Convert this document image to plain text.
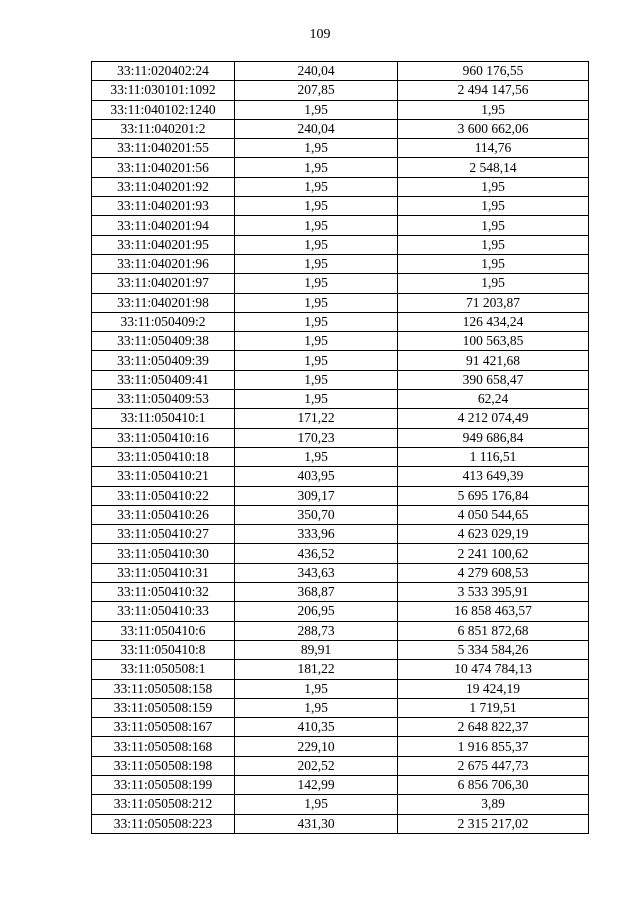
109
33:11:020402:24	240,04	960 176,55
33:11:030101:1092	207,85	2 494 147,56
33:11:040102:1240	1,95	1,95
33:11:040201:2	240,04	3 600 662,06
33:11:040201:55	1,95	114,76
33:11:040201:56	1,95	2 548,14
33:11:040201:92	1,95	1,95
33:11:040201:93	1,95	1,95
33:11:040201:94	1,95	1,95
33:11:040201:95	1,95	1,95
33:11:040201:96	1,95	1,95
33:11:040201:97	1,95	1,95
33:11:040201:98	1,95	71 203,87
33:11:050409:2	1,95	126 434,24
33:11:050409:38	1,95	100 563,85
33:11:050409:39	1,95	91 421,68
33:11:050409:41	1,95	390 658,47
33:11:050409:53	1,95	62,24
33:11:050410:1	171,22	4 212 074,49
33:11:050410:16	170,23	949 686,84
33:11:050410:18	1,95	1 116,51
33:11:050410:21	403,95	413 649,39
33:11:050410:22	309,17	5 695 176,84
33:11:050410:26	350,70	4 050 544,65
33:11:050410:27	333,96	4 623 029,19
33:11:050410:30	436,52	2 241 100,62
33:11:050410:31	343,63	4 279 608,53
33:11:050410:32	368,87	3 533 395,91
33:11:050410:33	206,95	16 858 463,57
33:11:050410:6	288,73	6 851 872,68
33:11:050410:8	89,91	5 334 584,26
33:11:050508:1	181,22	10 474 784,13
33:11:050508:158	1,95	19 424,19
33:11:050508:159	1,95	1 719,51
33:11:050508:167	410,35	2 648 822,37
33:11:050508:168	229,10	1 916 855,37
33:11:050508:198	202,52	2 675 447,73
33:11:050508:199	142,99	6 856 706,30
33:11:050508:212	1,95	3,89
33:11:050508:223	431,30	2 315 217,02
